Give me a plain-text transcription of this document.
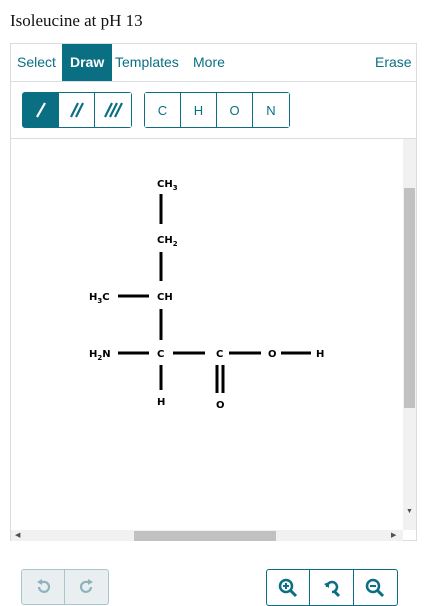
Isoleucine at pH 13
Select	Draw Templates	More	Erase
C	H	O	N
$CH_3$
$CH_2$
CH
$H_3C$
$H_2N$	C	C	O	H
H	O
▼
◀	▶
